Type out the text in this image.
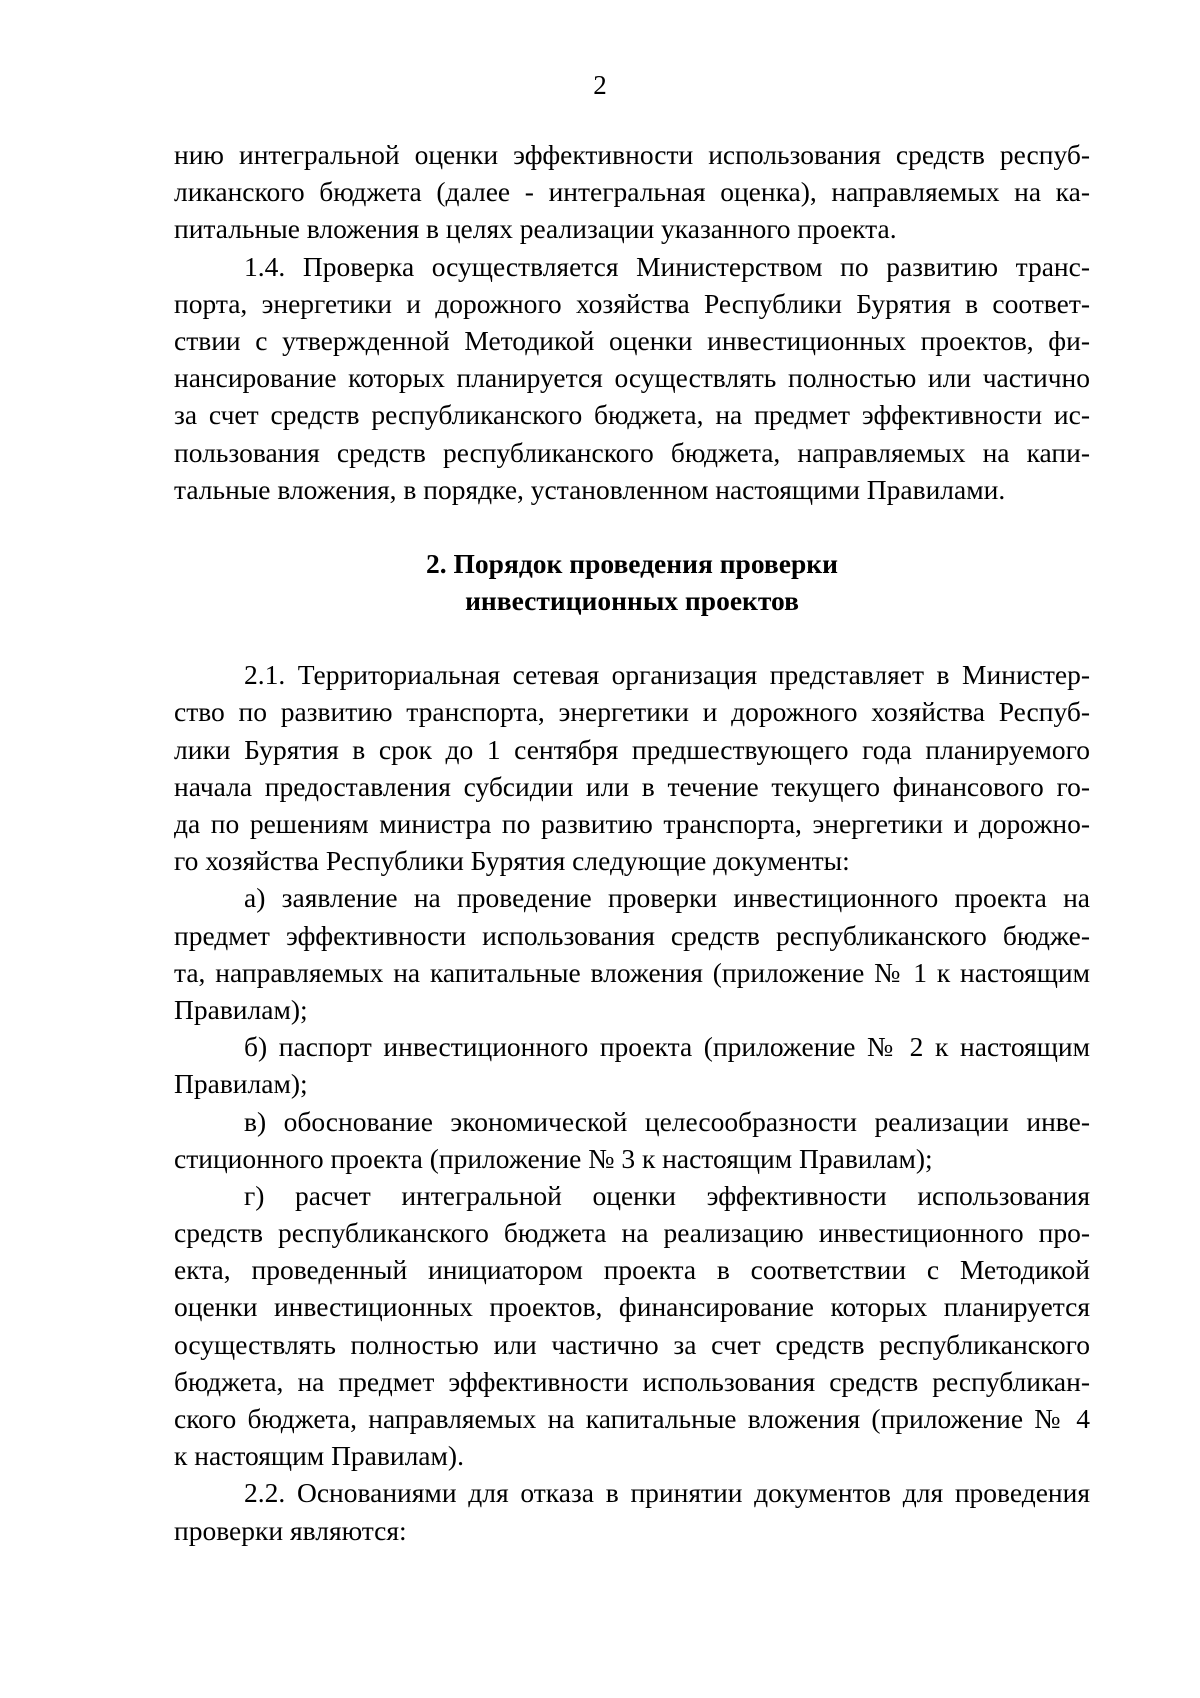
2
нию интегральной оценки эффективности использования средств респуб-
ликанского бюджета (далее - интегральная оценка), направляемых на ка-
питальные вложения в целях реализации указанного проекта.
1.4. Проверка осуществляется Министерством по развитию транс-
порта, энергетики и дорожного хозяйства Республики Бурятия в соответ-
ствии с утвержденной Методикой оценки инвестиционных проектов, фи-
нансирование которых планируется осуществлять полностью или частично
за счет средств республиканского бюджета, на предмет эффективности ис-
пользования средств республиканского бюджета, направляемых на капи-
тальные вложения, в порядке, установленном настоящими Правилами.
2. Порядок проведения проверки
инвестиционных проектов
2.1. Территориальная сетевая организация представляет в Министер-
ство по развитию транспорта, энергетики и дорожного хозяйства Респуб-
лики Бурятия в срок до 1 сентября предшествующего года планируемого
начала предоставления субсидии или в течение текущего финансового го-
да по решениям министра по развитию транспорта, энергетики и дорожно-
го хозяйства Республики Бурятия следующие документы:
а) заявление на проведение проверки инвестиционного проекта на
предмет эффективности использования средств республиканского бюдже-
та, направляемых на капитальные вложения (приложение № 1 к настоящим
Правилам);
б) паспорт инвестиционного проекта (приложение № 2 к настоящим
Правилам);
в) обоснование экономической целесообразности реализации инве-
стиционного проекта (приложение № 3 к настоящим Правилам);
г) расчет интегральной оценки эффективности использования
средств республиканского бюджета на реализацию инвестиционного про-
екта, проведенный инициатором проекта в соответствии с Методикой
оценки инвестиционных проектов, финансирование которых планируется
осуществлять полностью или частично за счет средств республиканского
бюджета, на предмет эффективности использования средств республикан-
ского бюджета, направляемых на капитальные вложения (приложение № 4
к настоящим Правилам).
2.2. Основаниями для отказа в принятии документов для проведения
проверки являются:
